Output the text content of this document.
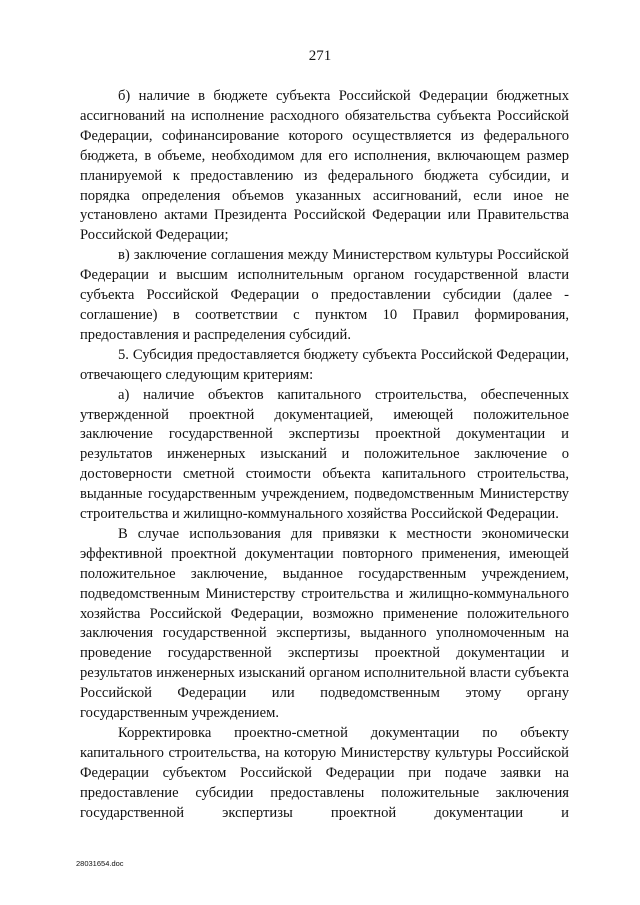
271

б) наличие в бюджете субъекта Российской Федерации бюджетных ассигнований на исполнение расходного обязательства субъекта Российской Федерации, софинансирование которого осуществляется из федерального бюджета, в объеме, необходимом для его исполнения, включающем размер планируемой к предоставлению из федерального бюджета субсидии, и порядка определения объемов указанных ассигнований, если иное не установлено актами Президента Российской Федерации или Правительства Российской Федерации;

в) заключение соглашения между Министерством культуры Российской Федерации и высшим исполнительным органом государственной власти субъекта Российской Федерации о предоставлении субсидии (далее - соглашение) в соответствии с пунктом 10 Правил формирования, предоставления и распределения субсидий.

5. Субсидия предоставляется бюджету субъекта Российской Федерации, отвечающего следующим критериям:

а) наличие объектов капитального строительства, обеспеченных утвержденной проектной документацией, имеющей положительное заключение государственной экспертизы проектной документации и результатов инженерных изысканий и положительное заключение о достоверности сметной стоимости объекта капитального строительства, выданные государственным учреждением, подведомственным Министерству строительства и жилищно-коммунального хозяйства Российской Федерации.

В случае использования для привязки к местности экономически эффективной проектной документации повторного применения, имеющей положительное заключение, выданное государственным учреждением, подведомственным Министерству строительства и жилищно-коммунального хозяйства Российской Федерации, возможно применение положительного заключения государственной экспертизы, выданного уполномоченным на проведение государственной экспертизы проектной документации и результатов инженерных изысканий органом исполнительной власти субъекта Российской Федерации или подведомственным этому органу государственным учреждением.

Корректировка проектно-сметной документации по объекту капитального строительства, на которую Министерству культуры Российской Федерации субъектом Российской Федерации при подаче заявки на предоставление субсидии предоставлены положительные заключения государственной экспертизы проектной документации и

28031654.doc
